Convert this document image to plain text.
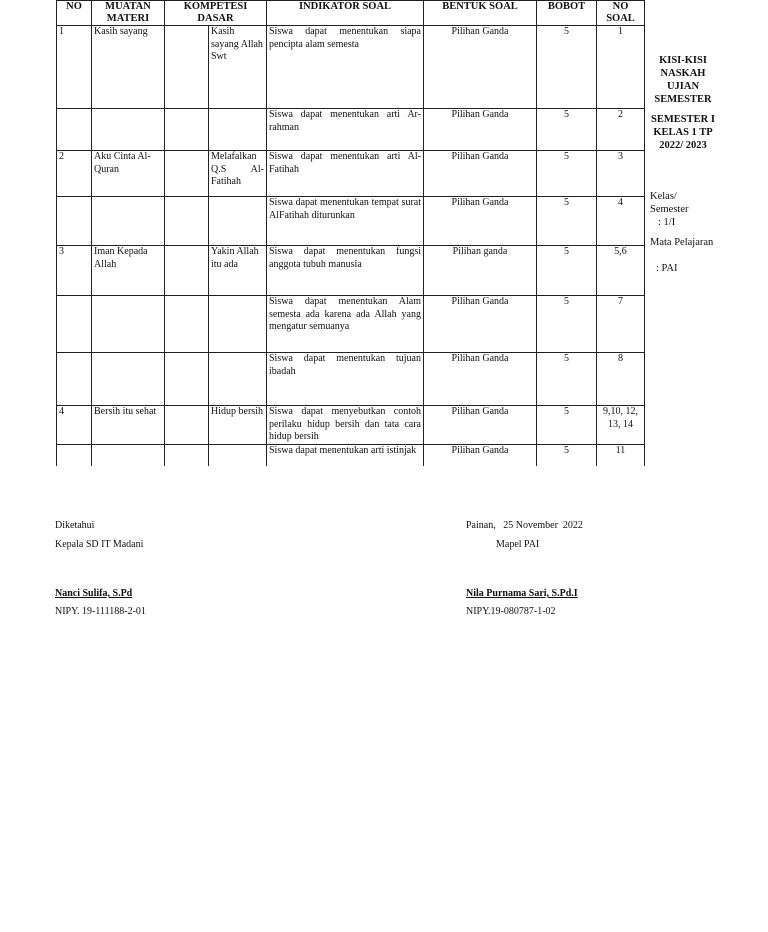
NO	MUATAN MATERI	KOMPETESI DASAR		INDIKATOR SOAL	BENTUK SOAL	BOBOT	NO SOAL
1	Kasih sayang		Kasih sayang Allah Swt	Siswa dapat menentukan siapa pencipta alam semesta	Pilihan Ganda	5	1
				Siswa dapat menentukan arti Ar-rahman	Pilihan Ganda	5	2
2	Aku Cinta Al-Quran		Melafalkan Q.S Al-Fatihah	Siswa dapat menentukan arti Al-Fatihah	Pilihan Ganda	5	3
				Siswa dapat menentukan tempat surat AlFatihah diturunkan	Pilihan Ganda	5	4
3	Iman Kepada Allah		Yakin Allah itu ada	Siswa dapat menentukan fungsi anggota tubuh manusia	Pilihan ganda	5	5,6
				Siswa dapat menentukan Alam semesta ada karena ada Allah yang mengatur semuanya	Pilihan Ganda	5	7
				Siswa dapat menentukan tujuan ibadah	Pilihan Ganda	5	8
4	Bersih itu sehat		Hidup bersih	Siswa dapat menyebutkan contoh perilaku hidup bersih dan tata cara hidup bersih	Pilihan Ganda	5	9,10, 12, 13, 14
				Siswa dapat menentukan arti istinjak	Pilihan Ganda	5	11
KISI-KISI NASKAH UJIAN SEMESTER
SEMESTER I KELAS 1 TP 2022/ 2023
Kelas/ Semester
: 1/I
Mata Pelajaran
: PAI
Diketahui
Kepala SD IT Madani
Nanci Sulifa, S.Pd
NIPY. 19-111188-2-01
Painan,   25 November  2022
Mapel PAI
Nila Purnama Sari, S.Pd.I
NIPY.19-080787-1-02
